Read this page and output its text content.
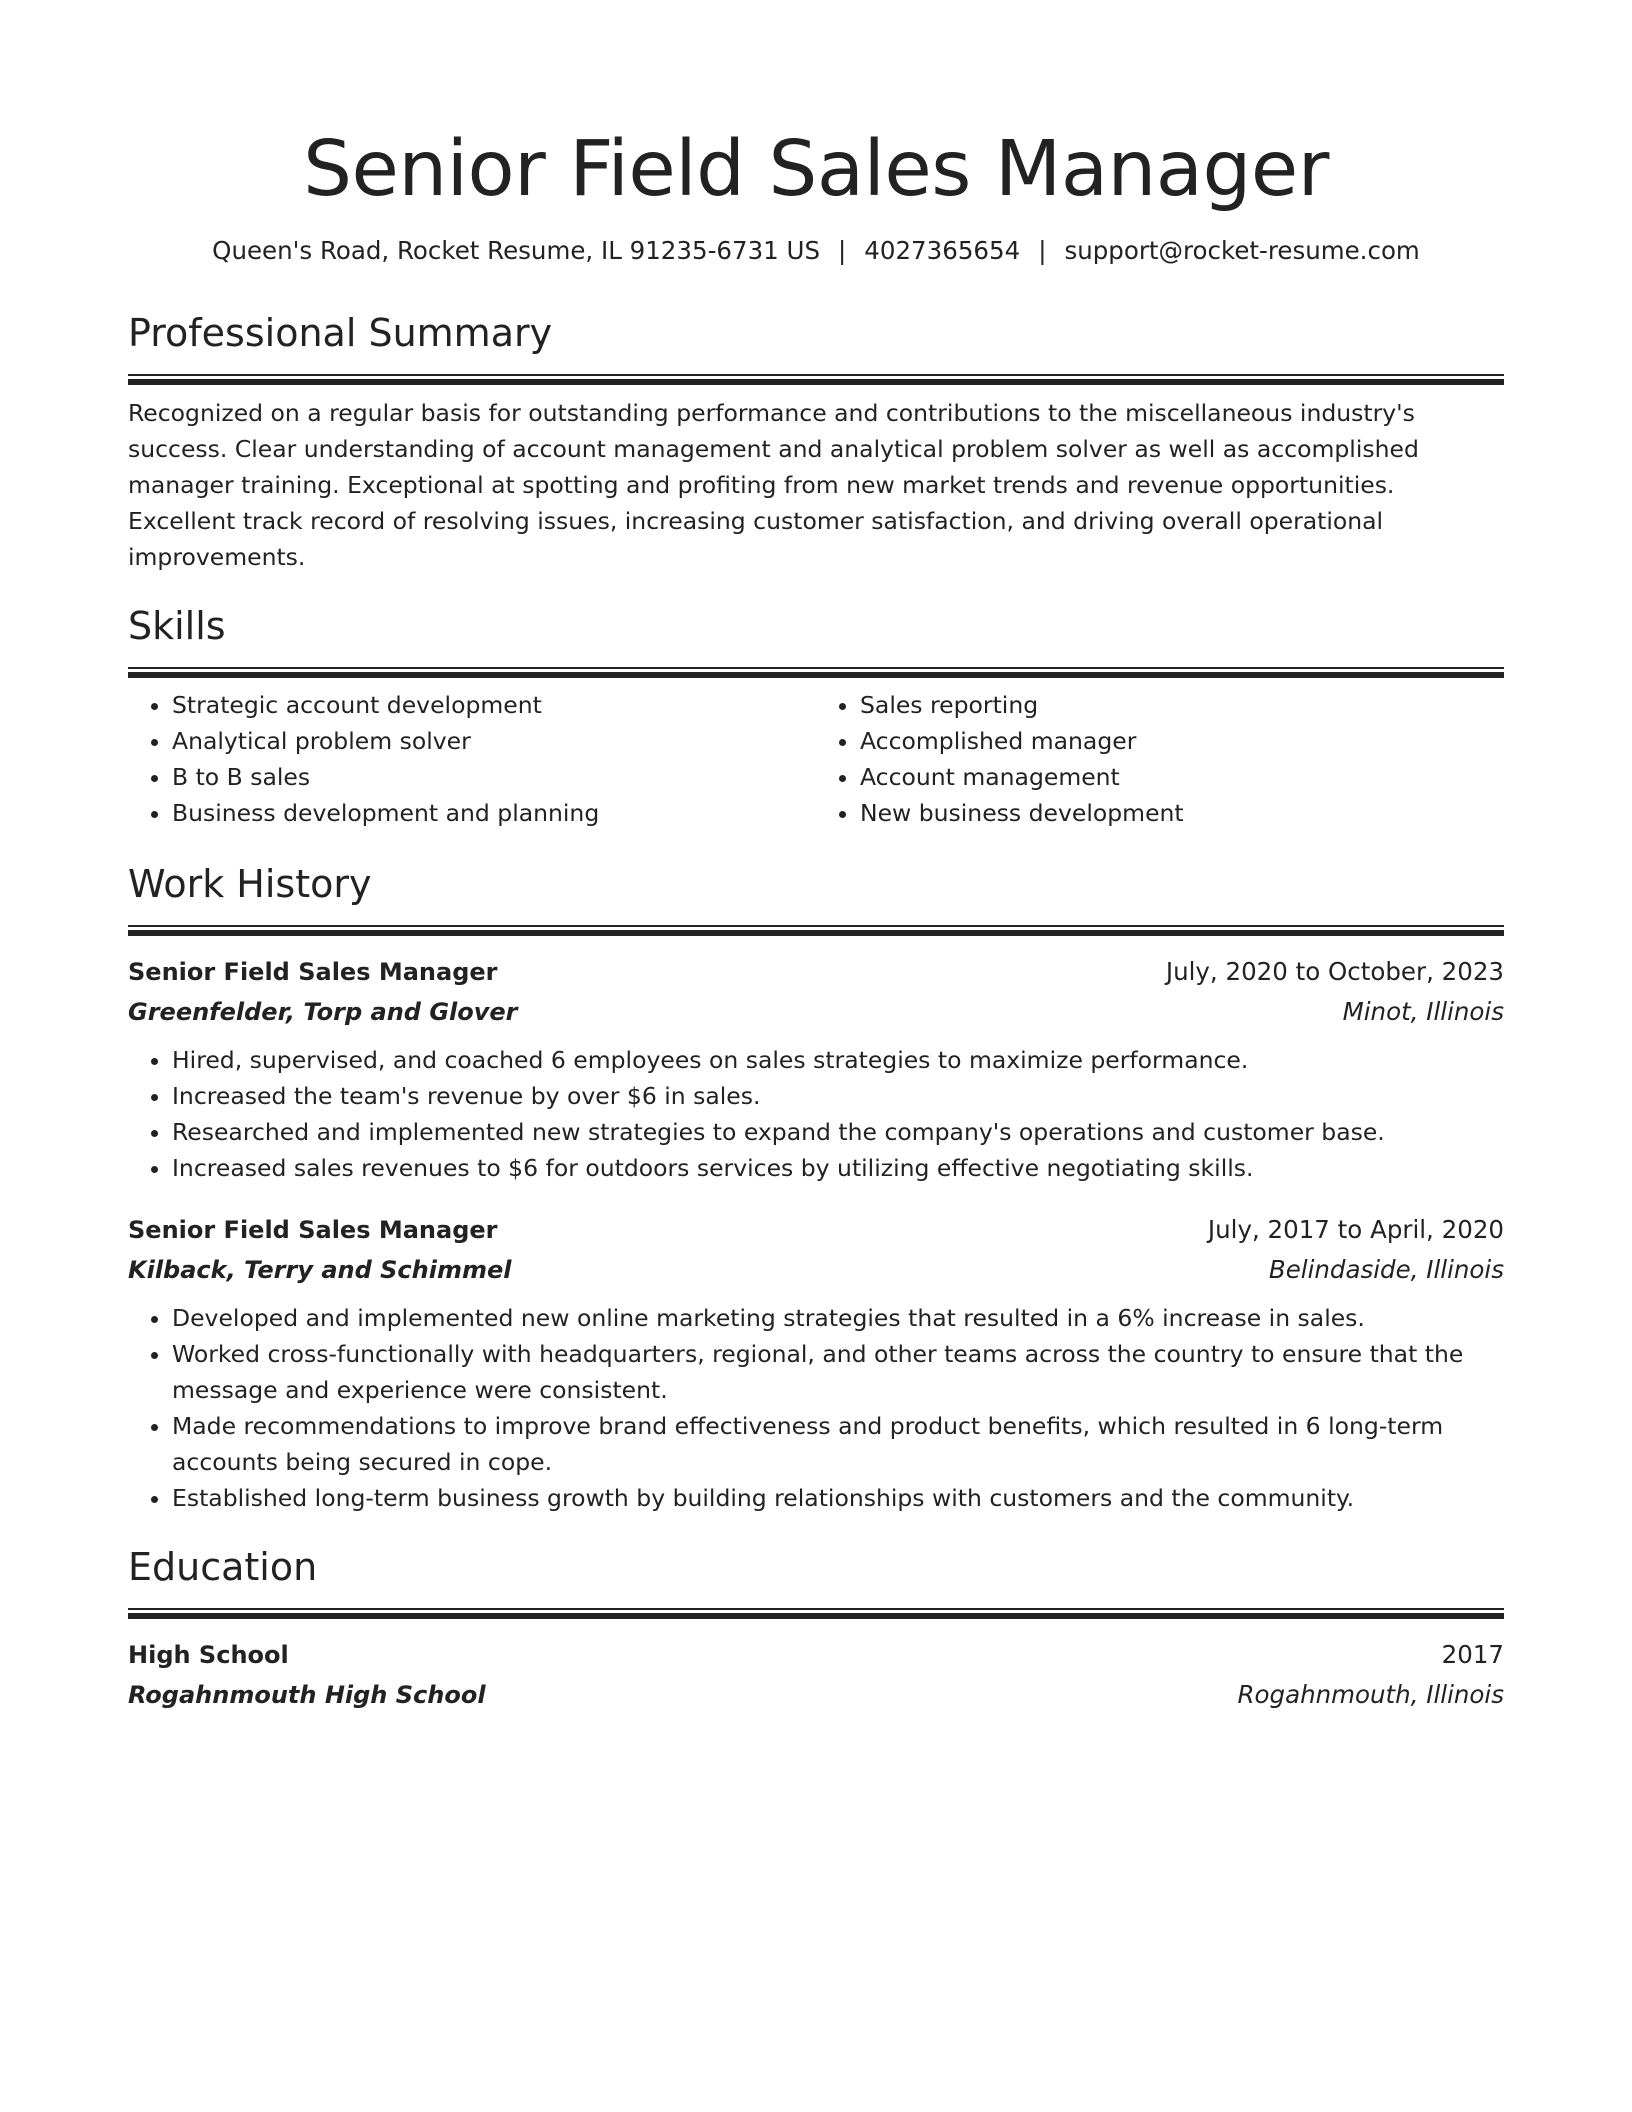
Senior Field Sales Manager
Queen's Road, Rocket Resume, IL 91235-6731 US | 4027365654 | support@rocket-resume.com
Professional Summary

Recognized on a regular basis for outstanding performance and contributions to the miscellaneous industry's success. Clear understanding of account management and analytical problem solver as well as accomplished manager training. Exceptional at spotting and profiting from new market trends and revenue opportunities. Excellent track record of resolving issues, increasing customer satisfaction, and driving overall operational improvements.

Skills
• Strategic account development
• Analytical problem solver
• B to B sales
• Business development and planning
• Sales reporting
• Accomplished manager
• Account management
• New business development
Work History
Senior Field Sales Manager	July, 2020 to October, 2023
Greenfelder, Torp and Glover	Minot, Illinois
• Hired, supervised, and coached 6 employees on sales strategies to maximize performance.
• Increased the team's revenue by over $6 in sales.
• Researched and implemented new strategies to expand the company's operations and customer base.
• Increased sales revenues to $6 for outdoors services by utilizing effective negotiating skills.
Senior Field Sales Manager	July, 2017 to April, 2020
Kilback, Terry and Schimmel	Belindaside, Illinois
• Developed and implemented new online marketing strategies that resulted in a 6% increase in sales.
• Worked cross-functionally with headquarters, regional, and other teams across the country to ensure that the message and experience were consistent.
• Made recommendations to improve brand effectiveness and product benefits, which resulted in 6 long-term accounts being secured in cope.
• Established long-term business growth by building relationships with customers and the community.
Education
High School	2017
Rogahnmouth High School	Rogahnmouth, Illinois
